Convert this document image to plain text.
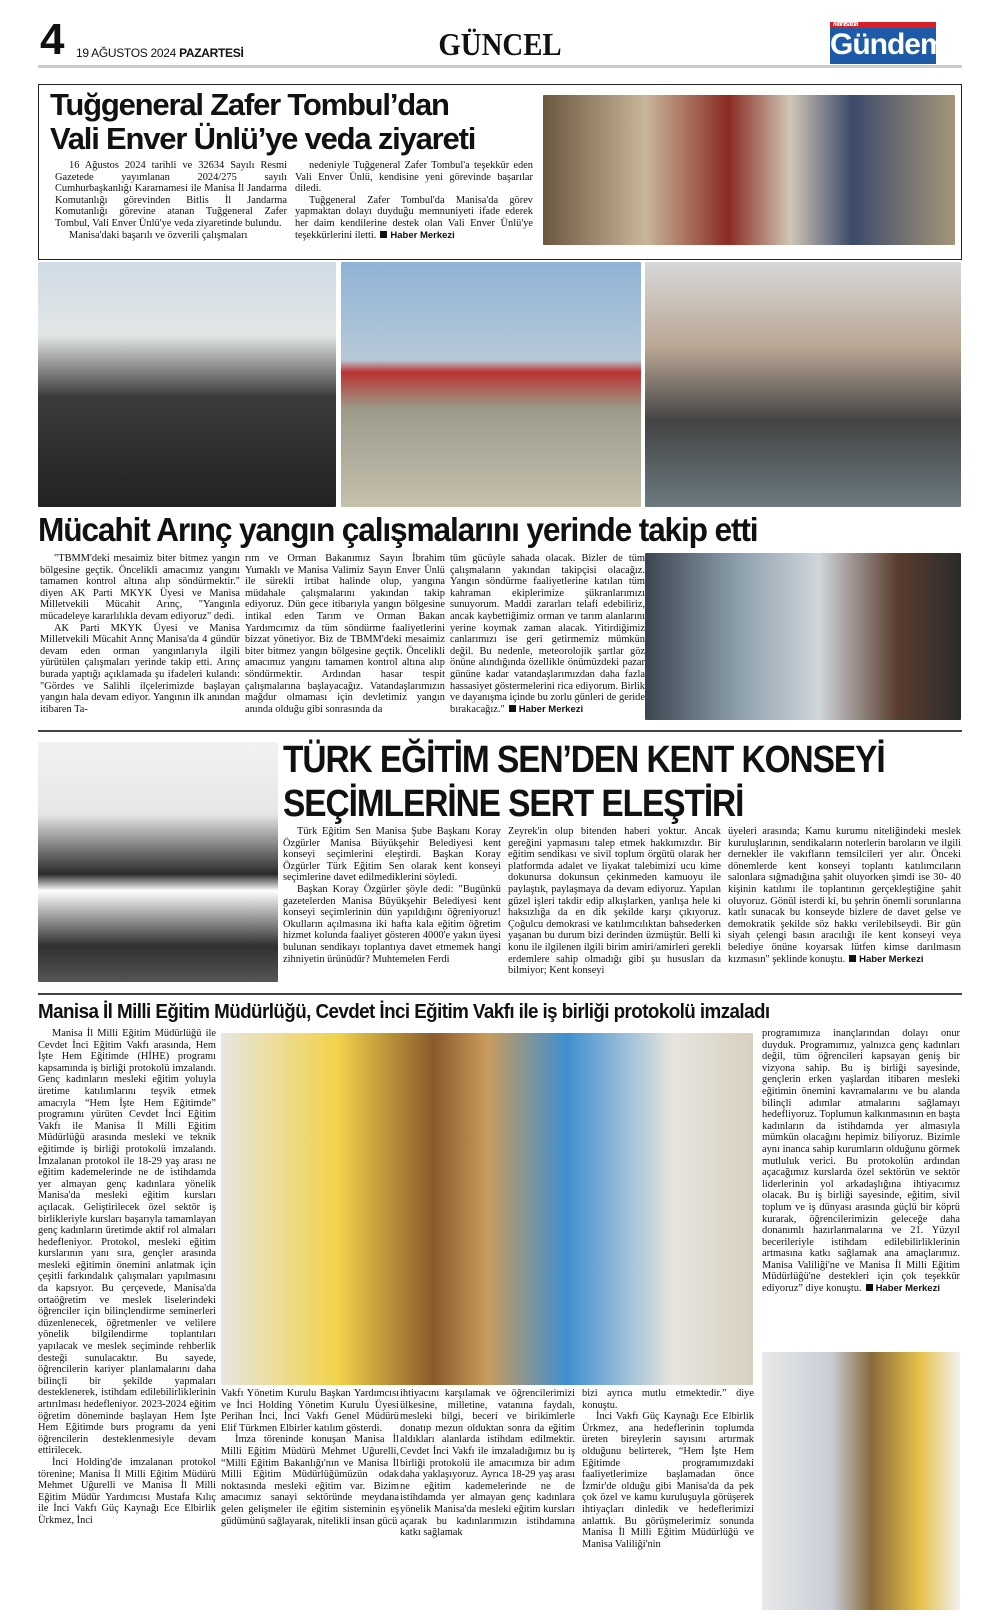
4 19 AĞUSTOS 2024 PAZARTESİ	GÜNCEL
Manisa'da
Gündem
Tuğgeneral Zafer Tombul’dan
Vali Enver Ünlü’ye veda ziyareti

16 Ağustos 2024 tarihli ve 32634 Sayılı Resmi Gazetede yayımlanan 2024/275 sayılı Cumhurbaşkanlığı Kararnamesi ile Manisa İl Jandarma Komutanlığı görevinden Bitlis İl Jandarma Komutanlığı görevine atanan Tuğgeneral Zafer Tombul, Vali Enver Ünlü'ye veda ziyaretinde bulundu.

Manisa'daki başarılı ve özverili çalışmaları

nedeniyle Tuğgeneral Zafer Tombul'a teşekkür eden Vali Enver Ünlü, kendisine yeni görevinde başarılar diledi.

Tuğgeneral Zafer Tombul'da Manisa'da görev yapmaktan dolayı duyduğu memnuniyeti ifade ederek her daim kendilerine destek olan Vali Enver Ünlü'ye teşekkürlerini iletti. Haber Merkezi

Mücahit Arınç yangın çalışmalarını yerinde takip etti

"TBMM'deki mesaimiz biter bitmez yangın bölgesine geçtik. Öncelikli amacımız yangını tamamen kontrol altına alıp söndürmektir." diyen AK Parti MKYK Üyesi ve Manisa Milletvekili Mücahit Arınç, "Yangınla mücadeleye kararlılıkla devam ediyoruz" dedi.

AK Parti MKYK Üyesi ve Manisa Milletvekili Mücahit Arınç Manisa'da 4 gündür devam eden orman yangınlarıyla ilgili yürütülen çalışmaları yerinde takip etti. Arınç burada yaptığı açıklamada şu ifadeleri kulandı: "Gördes ve Salihli ilçelerimizde başlayan yangın hala devam ediyor. Yangının ilk anından itibaren Ta-

rım ve Orman Bakanımız Sayın İbrahim Yumaklı ve Manisa Valimiz Sayın Enver Ünlü ile sürekli irtibat halinde olup, yangına müdahale çalışmalarını yakından takip ediyoruz. Dün gece itibarıyla yangın bölgesine intikal eden Tarım ve Orman Bakan Yardımcımız da tüm söndürme faaliyetlerini bizzat yönetiyor. Biz de TBMM'deki mesaimiz biter bitmez yangın bölgesine geçtik. Öncelikli amacımız yangını tamamen kontrol altına alıp söndürmektir. Ardından hasar tespit çalışmalarına başlayacağız. Vatandaşlarımızın mağdur olmaması için devletimiz yangın anında olduğu gibi sonrasında da

tüm gücüyle sahada olacak. Bizler de tüm çalışmaların yakından takipçisi olacağız. Yangın söndürme faaliyetlerine katılan tüm kahraman ekiplerimize şükranlarımızı sunuyorum. Maddi zararları telafi edebiliriz, ancak kaybettiğimiz orman ve tarım alanlarını yerine koymak zaman alacak. Yitirdiğimiz canlarımızı ise geri getirmemiz mümkün değil. Bu nedenle, meteorolojik şartlar göz önüne alındığında özellikle önümüzdeki pazar gününe kadar vatandaşlarımızdan daha fazla hassasiyet göstermelerini rica ediyorum. Birlik ve dayanışma içinde bu zorlu günleri de geride bırakacağız." Haber Merkezi

TÜRK EĞİTİM SEN’DEN KENT KONSEYİ
SEÇİMLERİNE SERT ELEŞTİRİ

Türk Eğitim Sen Manisa Şube Başkanı Koray Özgürler Manisa Büyükşehir Belediyesi kent konseyi seçimlerini eleştirdi. Başkan Koray Özgürler Türk Eğitim Sen olarak kent konseyi seçimlerine davet edilmediklerini söyledi.

Başkan Koray Özgürler şöyle dedi: "Bugünkü gazetelerden Manisa Büyükşehir Belediyesi kent konseyi seçimlerinin dün yapıldığını öğreniyoruz! Okulların açılmasına iki hafta kala eğitim öğretim hizmet kolunda faaliyet gösteren 4000'e yakın üyesi bulunan sendikayı toplantıya davet etmemek hangi zihniyetin ürünüdür? Muhtemelen Ferdi

Zeyrek'in olup bitenden haberi yoktur. Ancak gereğini yapmasını talep etmek hakkımızdır. Bir eğitim sendikası ve sivil toplum örgütü olarak her platformda adalet ve liyakat talebimizi ucu kime dokunursa dokunsun çekinmeden kamuoyu ile paylaştık, paylaşmaya da devam ediyoruz. Yapılan güzel işleri takdir edip alkışlarken, yanlışa hele ki haksızlığa da en dik şekilde karşı çıkıyoruz. Çoğulcu demokrasi ve katılımcılıktan bahsederken yaşanan bu durum bizi derinden üzmüştür. Belli ki konu ile ilgilenen ilgili birim amiri/amirleri gerekli erdemlere sahip olmadığı gibi şu hususları da bilmiyor; Kent konseyi

üyeleri arasında; Kamu kurumu niteliğindeki meslek kuruluşlarının, sendikaların noterlerin baroların ve ilgili dernekler ile vakıfların temsilcileri yer alır. Önceki dönemlerde kent konseyi toplantı katılımcıların salonlara sığmadığına şahit oluyorken şimdi ise 30- 40 kişinin katılımı ile toplantının gerçekleştiğine şahit oluyoruz. Gönül isterdi ki, bu şehrin önemli sorunlarına katlı sunacak bu konseyde bizlere de davet gelse ve demokratik şekilde söz hakkı verilebilseydi. Bir gün siyah çelengi basın aracılığı ile kent konseyi veya belediye önüne koyarsak lütfen kimse darılmasın kızmasın" şeklinde konuştu. Haber Merkezi

Manisa İl Milli Eğitim Müdürlüğü, Cevdet İnci Eğitim Vakfı ile iş birliği protokolü imzaladı

Manisa İl Milli Eğitim Müdürlüğü ile Cevdet İnci Eğitim Vakfı arasında, Hem İşte Hem Eğitimde (HİHE) programı kapsamında iş birliği protokolü imzalandı. Genç kadınların mesleki eğitim yoluyla üretime katılımlarını teşvik etmek amacıyla “Hem İşte Hem Eğitimde” programını yürüten Cevdet İnci Eğitim Vakfı ile Manisa İl Milli Eğitim Müdürlüğü arasında mesleki ve teknik eğitimde iş birliği protokolü imzalandı. İmzalanan protokol ile 18-29 yaş arası ne eğitim kademelerinde ne de istihdamda yer almayan genç kadınlara yönelik Manisa'da mesleki eğitim kursları açılacak. Geliştirilecek özel sektör iş birlikleriyle kursları başarıyla tamamlayan genç kadınların üretimde aktif rol almaları hedefleniyor. Protokol, mesleki eğitim kurslarının yanı sıra, gençler arasında mesleki eğitimin önemini anlatmak için çeşitli farkındalık çalışmaları yapılmasını da kapsıyor. Bu çerçevede, Manisa'da ortaöğretim ve meslek liselerindeki öğrenciler için bilinçlendirme seminerleri düzenlenecek, öğretmenler ve velilere yönelik bilgilendirme toplantıları yapılacak ve meslek seçiminde rehberlik desteği sunulacaktır. Bu sayede, öğrencilerin kariyer planlamalarını daha bilinçli bir şekilde yapmaları desteklenerek, istihdam edilebilirliklerinin artırılması hedefleniyor. 2023-2024 eğitim öğretim döneminde başlayan Hem İşte Hem Eğitimde burs programı da yeni öğrencilerin desteklenmesiyle devam ettirilecek.

İnci Holding'de imzalanan protokol törenine; Manisa İl Milli Eğitim Müdürü Mehmet Uğurelli ve Manisa İl Milli Eğitim Müdür Yardımcısı Mustafa Kılıç ile İnci Vakfı Güç Kaynağı Ece Elbirlik Ürkmez, İnci

Vakfı Yönetim Kurulu Başkan Yardımcısı ve İnci Holding Yönetim Kurulu Üyesi Perihan İnci, İnci Vakfı Genel Müdürü Elif Türkmen Elbirler katılım gösterdi.

İmza töreninde konuşan Manisa İl Milli Eğitim Müdürü Mehmet Uğurelli, “Milli Eğitim Bakanlığı'nın ve Manisa İl Milli Eğitim Müdürlüğümüzün odak noktasında mesleki eğitim var. Bizim amacımız sanayi sektöründe meydana gelen gelişmeler ile eğitim sisteminin eş güdümünü sağlayarak, nitelikli insan gücü

ihtiyacını karşılamak ve öğrencilerimizi ülkesine, milletine, vatanına faydalı, mesleki bilgi, beceri ve birikimlerle donatıp mezun olduktan sonra da eğitim aldıkları alanlarda istihdam edilmektir. Cevdet İnci Vakfı ile imzaladığımız bu iş birliği protokolü ile amacımıza bir adım daha yaklaşıyoruz. Ayrıca 18-29 yaş arası ne eğitim kademelerinde ne de istihdamda yer almayan genç kadınlara yönelik Manisa'da mesleki eğitim kursları açarak bu kadınlarımızın istihdamına katkı sağlamak

bizi ayrıca mutlu etmektedir.” diye konuştu.

İnci Vakfı Güç Kaynağı Ece Elbirlik Ürkmez, ana hedeflerinin toplumda üreten bireylerin sayısını artırmak olduğunu belirterek, “Hem İşte Hem Eğitimde programımızdaki faaliyetlerimize başlamadan önce İzmir'de olduğu gibi Manisa'da da pek çok özel ve kamu kuruluşuyla görüşerek ihtiyaçları dinledik ve hedeflerimizi anlattık. Bu görüşmelerimiz sonunda Manisa İl Milli Eğitim Müdürlüğü ve Manisa Valiliği'nin

programımıza inançlarından dolayı onur duyduk. Programımız, yalnızca genç kadınları değil, tüm öğrencileri kapsayan geniş bir vizyona sahip. Bu iş birliği sayesinde, gençlerin erken yaşlardan itibaren mesleki eğitimin önemini kavramalarını ve bu alanda bilinçli adımlar atmalarını sağlamayı hedefliyoruz. Toplumun kalkınmasının en başta kadınların da istihdamda yer almasıyla mümkün olacağını hepimiz biliyoruz. Bizimle aynı inanca sahip kurumların olduğunu görmek mutluluk verici. Bu protokolün ardından açacağımız kurslarda özel sektörün ve sektör liderlerinin yol arkadaşlığına ihtiyacımız olacak. Bu iş birliği sayesinde, eğitim, sivil toplum ve iş dünyası arasında güçlü bir köprü kurarak, öğrencilerimizin geleceğe daha donanımlı hazırlanmalarına ve 21. Yüzyıl becerileriyle istihdam edilebilirliklerinin artmasına katkı sağlamak ana amaçlarımız. Manisa Valiliği'ne ve Manisa İl Milli Eğitim Müdürlüğü'ne destekleri için çok teşekkür ediyoruz” diye konuştu. Haber Merkezi
